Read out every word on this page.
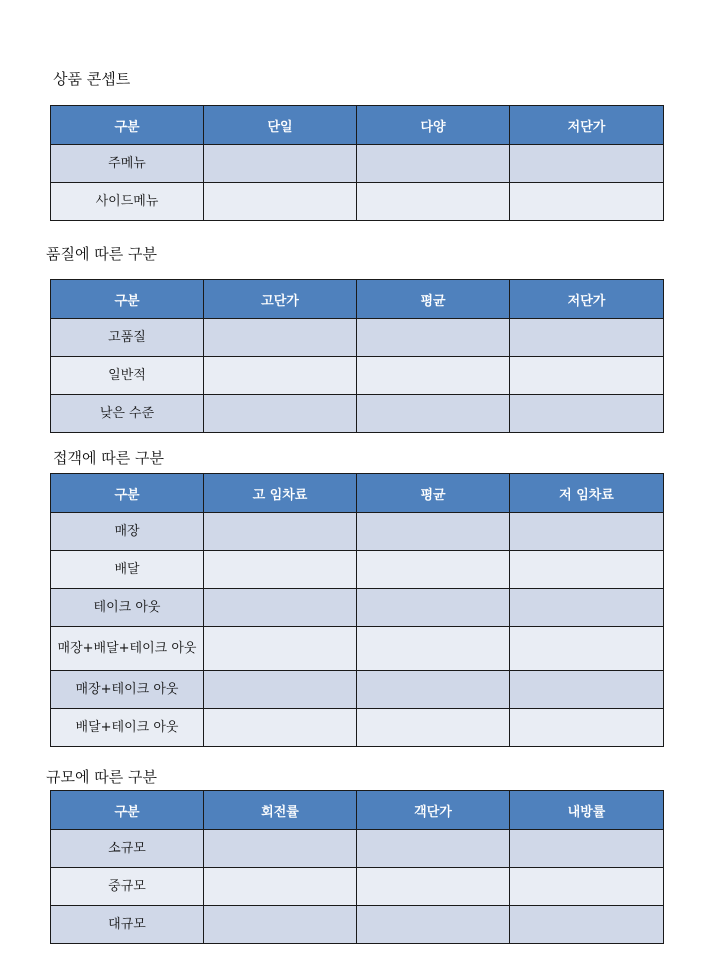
상품 콘셉트
구분	단일	다양	저단가
주메뉴			
사이드메뉴			
품질에 따른 구분
구분	고단가	평균	저단가
고품질			
일반적			
낮은 수준			
접객에 따른 구분
구분	고 임차료	평균	저 임차료
매장			
배달			
테이크 아웃			
매장+배달+테이크 아웃			
매장+테이크 아웃			
배달+테이크 아웃			
규모에 따른 구분
구분	회전률	객단가	내방률
소규모			
중규모			
대규모			
